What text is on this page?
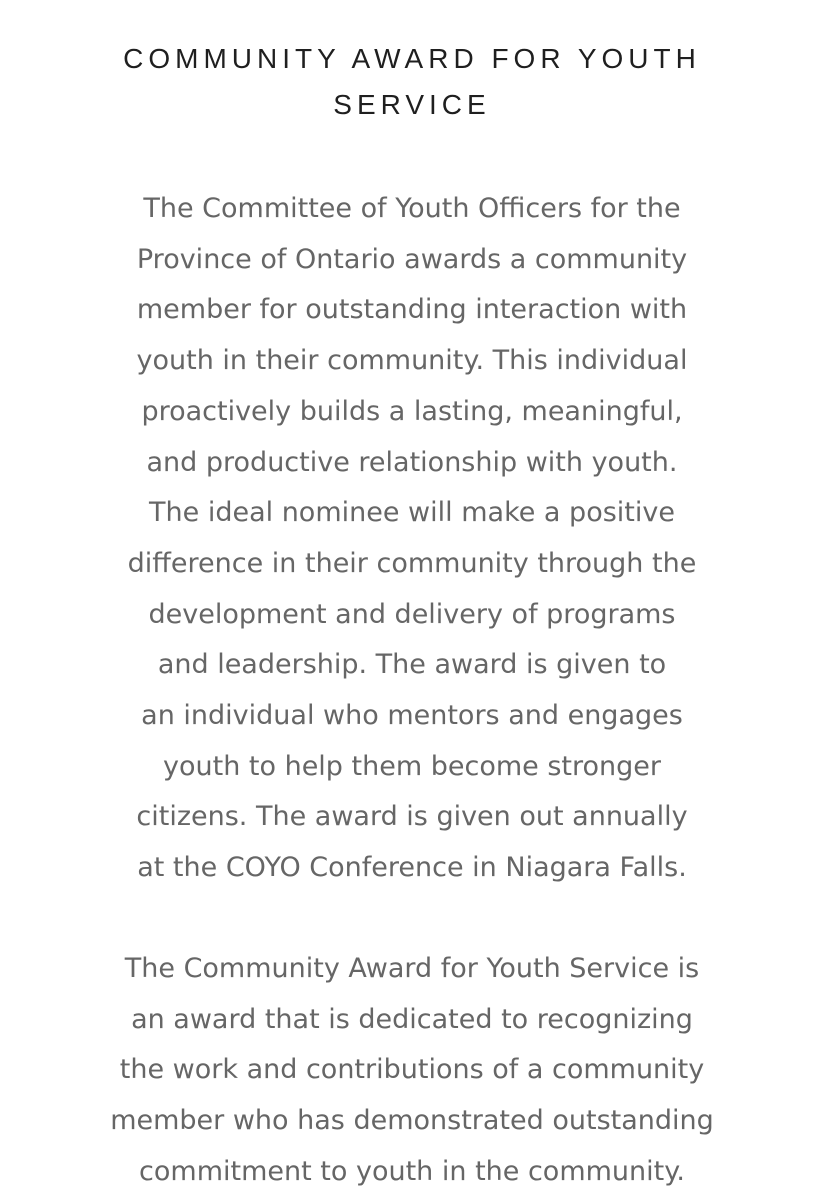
COMMUNITY AWARD FOR YOUTH
SERVICE

The Committee of Youth Officers for the
Province of Ontario awards a community
member for outstanding interaction with
youth in their community. This individual
proactively builds a lasting, meaningful,
and productive relationship with youth.
The ideal nominee will make a positive
difference in their community through the
development and delivery of programs
and leadership. The award is given to
an individual who mentors and engages
youth to help them become stronger
citizens. The award is given out annually
at the COYO Conference in Niagara Falls.

The Community Award for Youth Service is
an award that is dedicated to recognizing
the work and contributions of a community
member who has demonstrated outstanding
commitment to youth in the community.
